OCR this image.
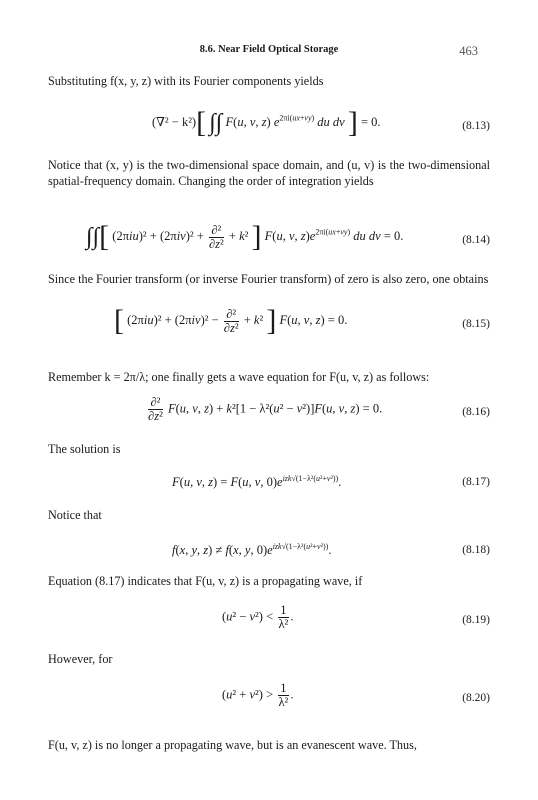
8.6. Near Field Optical Storage	463
Substituting f(x, y, z) with its Fourier components yields
(∇² − k²)[ ∫∫ F(u, v, z) $e^{2\pi i(ux+vy)}$ du dv ] = 0.	(8.13)
Notice that (x, y) is the two-dimensional space domain, and (u, v) is the two-dimensional spatial-frequency domain. Changing the order of integration yields
∫∫[ $(2\pi iu)^2 + (2\pi iv)^2 + \frac{\text{∂²}}{\text{∂z²}} + k^2$ ] F(u, v, $z)e^{2\pi i(ux+vy)}$ du dv = 0.	(8.14)
Since the Fourier transform (or inverse Fourier transform) of zero is also zero, one obtains
[ $(2\pi iu)^2 + (2\pi iv)^2 - \frac{\text{∂²}}{\text{∂z²}} + k^2$ ] F(u, v, z) = 0.	(8.15)
Remember k = 2π/λ; one finally gets a wave equation for F(u, v, z) as follows:
$\frac{\text{∂²}}{\text{∂z²}} F(u$, v, z) + k²[1 − λ²(u² − v²)]F(u, v, z) = 0.	(8.16)
The solution is
F(u, v, z) = F(u, v, $0)e^{izk√(1-\lambda^2(u^2+v^2))}$.	(8.17)
Notice that
f(x, y, z) ≠ f(x, y, $0)e^{izk√(1-\lambda^2(u^2+v^2))}$.	(8.18)
Equation (8.17) indicates that F(u, v, z) is a propagating wave, if
$(u^2 - v^2) < \frac{1}{\text{λ²}}$ .	(8.19)
However, for
$(u^2 + v^2) > \frac{1}{\text{λ²}}$ .	(8.20)
F(u, v, z) is no longer a propagating wave, but is an evanescent wave. Thus,
